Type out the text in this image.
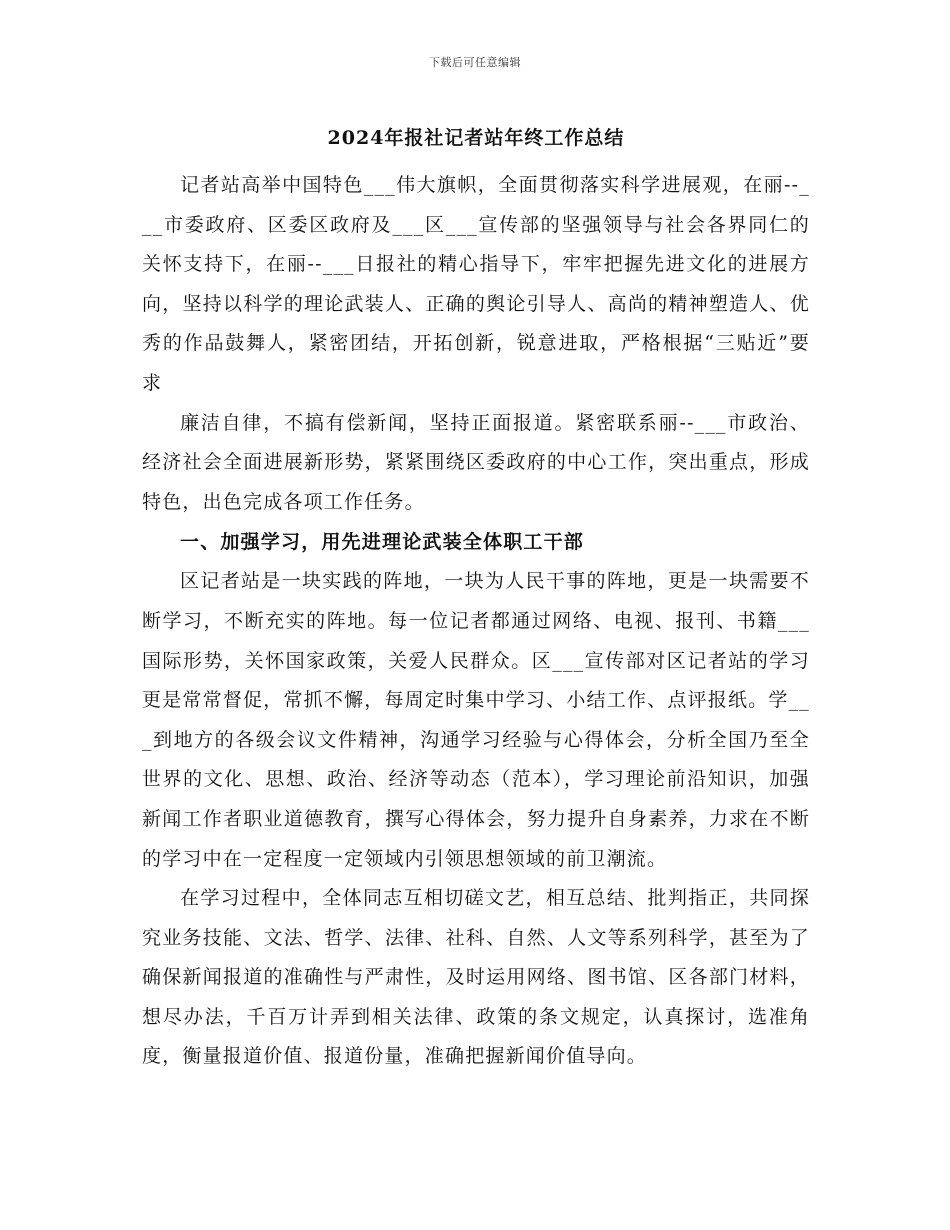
下载后可任意编辑
2024年报社记者站年终工作总结

记者站高举中国特色___伟大旗帜，全面贯彻落实科学进展观，在丽--___市委政府、区委区政府及___区___宣传部的坚强领导与社会各界同仁的关怀支持下，在丽--___日报社的精心指导下，牢牢把握先进文化的进展方向，坚持以科学的理论武装人、正确的舆论引导人、高尚的精神塑造人、优秀的作品鼓舞人，紧密团结，开拓创新，锐意进取，严格根据“三贴近”要求

廉洁自律，不搞有偿新闻，坚持正面报道。紧密联系丽--___市政治、经济社会全面进展新形势，紧紧围绕区委政府的中心工作，突出重点，形成特色，出色完成各项工作任务。

一、加强学习，用先进理论武装全体职工干部

区记者站是一块实践的阵地，一块为人民干事的阵地，更是一块需要不断学习，不断充实的阵地。每一位记者都通过网络、电视、报刊、书籍___国际形势，关怀国家政策，关爱人民群众。区___宣传部对区记者站的学习更是常常督促，常抓不懈，每周定时集中学习、小结工作、点评报纸。学___到地方的各级会议文件精神，沟通学习经验与心得体会，分析全国乃至全世界的文化、思想、政治、经济等动态（范本），学习理论前沿知识，加强新闻工作者职业道德教育，撰写心得体会，努力提升自身素养，力求在不断的学习中在一定程度一定领域内引领思想领域的前卫潮流。

在学习过程中，全体同志互相切磋文艺，相互总结、批判指正，共同探究业务技能、文法、哲学、法律、社科、自然、人文等系列科学，甚至为了确保新闻报道的准确性与严肃性，及时运用网络、图书馆、区各部门材料，想尽办法，千百万计弄到相关法律、政策的条文规定，认真探讨，选准角度，衡量报道价值、报道份量，准确把握新闻价值导向。
